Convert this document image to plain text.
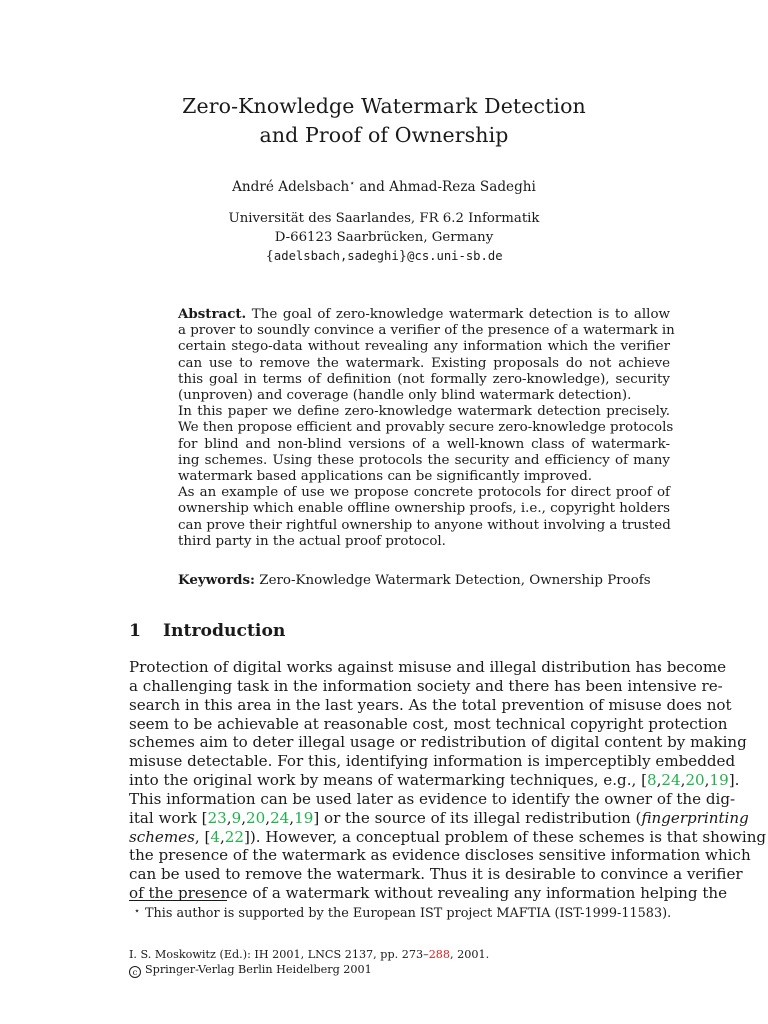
Zero-Knowledge Watermark Detection
and Proof of Ownership
André Adelsbach⋆ and Ahmad-Reza Sadeghi
Universität des Saarlandes, FR 6.2 Informatik
D-66123 Saarbrücken, Germany
{adelsbach,sadeghi}@cs.uni-sb.de
Abstract. The goal of zero-knowledge watermark detection is to allow
a prover to soundly convince a verifier of the presence of a watermark in
certain stego-data without revealing any information which the verifier
can use to remove the watermark. Existing proposals do not achieve
this goal in terms of definition (not formally zero-knowledge), security
(unproven) and coverage (handle only blind watermark detection).
In this paper we define zero-knowledge watermark detection precisely.
We then propose efficient and provably secure zero-knowledge protocols
for blind and non-blind versions of a well-known class of watermark-
ing schemes. Using these protocols the security and efficiency of many
watermark based applications can be significantly improved.
As an example of use we propose concrete protocols for direct proof of
ownership which enable offline ownership proofs, i.e., copyright holders
can prove their rightful ownership to anyone without involving a trusted
third party in the actual proof protocol.
Keywords: Zero-Knowledge Watermark Detection, Ownership Proofs
1 Introduction
Protection of digital works against misuse and illegal distribution has become
a challenging task in the information society and there has been intensive re-
search in this area in the last years. As the total prevention of misuse does not
seem to be achievable at reasonable cost, most technical copyright protection
schemes aim to deter illegal usage or redistribution of digital content by making
misuse detectable. For this, identifying information is imperceptibly embedded
into the original work by means of watermarking techniques, e.g., [8,24,20,19].
This information can be used later as evidence to identify the owner of the dig-
ital work [23,9,20,24,19] or the source of its illegal redistribution (fingerprinting
schemes, [4,22]). However, a conceptual problem of these schemes is that showing
the presence of the watermark as evidence discloses sensitive information which
can be used to remove the watermark. Thus it is desirable to convince a verifier
of the presence of a watermark without revealing any information helping the
⋆ This author is supported by the European IST project MAFTIA (IST-1999-11583).
I. S. Moskowitz (Ed.): IH 2001, LNCS 2137, pp. 273–288, 2001.
c Springer-Verlag Berlin Heidelberg 2001
